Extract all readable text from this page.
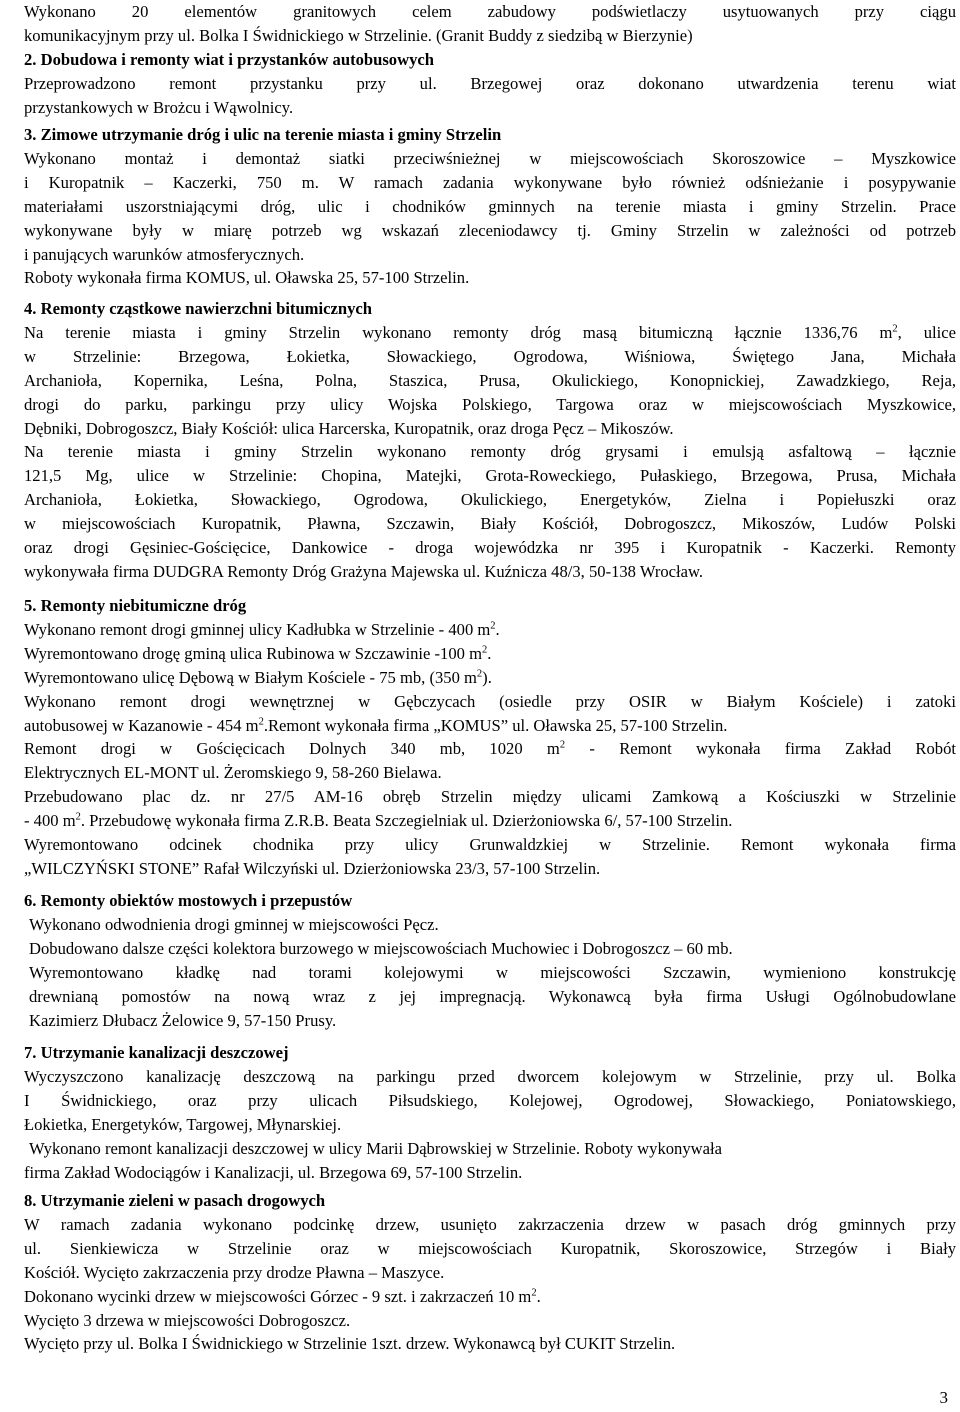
Wykonano 20 elementów granitowych celem zabudowy podświetlaczy usytuowanych przy ciągu
komunikacyjnym przy ul. Bolka I Świdnickiego w Strzelinie. (Granit Buddy z siedzibą w Bierzynie)
2. Dobudowa i remonty wiat i przystanków autobusowych
Przeprowadzono remont przystanku przy ul. Brzegowej oraz dokonano utwardzenia terenu wiat
przystankowych w Brożcu i Wąwolnicy.
3. Zimowe utrzymanie dróg i ulic na terenie miasta i gminy Strzelin
Wykonano montaż i demontaż siatki przeciwśnieżnej w miejscowościach Skoroszowice – Myszkowice
i Kuropatnik – Kaczerki, 750 m. W ramach zadania wykonywane było również odśnieżanie i posypywanie
materiałami uszorstniającymi dróg, ulic i chodników gminnych na terenie miasta i gminy Strzelin. Prace
wykonywane były w miarę potrzeb wg wskazań zleceniodawcy tj. Gminy Strzelin w zależności od potrzeb
i panujących warunków atmosferycznych.
Roboty wykonała firma KOMUS, ul. Oławska 25, 57-100 Strzelin.
4. Remonty cząstkowe nawierzchni bitumicznych
Na terenie miasta i gminy Strzelin wykonano remonty dróg masą bitumiczną łącznie 1336,76 $m^2$, ulice
w Strzelinie: Brzegowa, Łokietka, Słowackiego, Ogrodowa, Wiśniowa, Świętego Jana, Michała
Archanioła, Kopernika, Leśna, Polna, Staszica, Prusa, Okulickiego, Konopnickiej, Zawadzkiego, Reja,
drogi do parku, parkingu przy ulicy Wojska Polskiego, Targowa oraz w miejscowościach Myszkowice,
Dębniki, Dobrogoszcz, Biały Kościół: ulica Harcerska, Kuropatnik, oraz droga Pęcz – Mikoszów.
Na terenie miasta i gminy Strzelin wykonano remonty dróg grysami i emulsją asfaltową – łącznie
121,5 Mg, ulice w Strzelinie: Chopina, Matejki, Grota-Roweckiego, Pułaskiego, Brzegowa, Prusa, Michała
Archanioła, Łokietka, Słowackiego, Ogrodowa, Okulickiego, Energetyków, Zielna i Popiełuszki oraz
w miejscowościach Kuropatnik, Pławna, Szczawin, Biały Kościół, Dobrogoszcz, Mikoszów, Ludów Polski
oraz drogi Gęsiniec-Gościęcice, Dankowice - droga wojewódzka nr 395 i Kuropatnik - Kaczerki. Remonty
wykonywała firma DUDGRA Remonty Dróg Grażyna Majewska ul. Kuźnicza 48/3, 50-138 Wrocław.
5. Remonty niebitumiczne dróg
Wykonano remont drogi gminnej ulicy Kadłubka w Strzelinie - 400 $m^2$.
Wyremontowano drogę gminą ulica Rubinowa w Szczawinie -100 $m^2$.
Wyremontowano ulicę Dębową w Białym Kościele - 75 mb, (350 $m^2$).
Wykonano remont drogi wewnętrznej w Gębczycach (osiedle przy OSIR w Białym Kościele) i zatoki
autobusowej w Kazanowie - 454 $m^2.Remont$ wykonała firma „KOMUS” ul. Oławska 25, 57-100 Strzelin.
Remont drogi w Gościęcicach Dolnych 340 mb, 1020 $m^2$ - Remont wykonała firma Zakład Robót
Elektrycznych EL-MONT ul. Żeromskiego 9, 58-260 Bielawa.
Przebudowano plac dz. nr 27/5 AM-16 obręb Strzelin między ulicami Zamkową a Kościuszki w Strzelinie
- 400 $m^2$. Przebudowę wykonała firma Z.R.B. Beata Szczegielniak ul. Dzierżoniowska 6/, 57-100 Strzelin.
Wyremontowano odcinek chodnika przy ulicy Grunwaldzkiej w Strzelinie. Remont wykonała firma
„WILCZYŃSKI STONE” Rafał Wilczyński ul. Dzierżoniowska 23/3, 57-100 Strzelin.
6. Remonty obiektów mostowych i przepustów
Wykonano odwodnienia drogi gminnej w miejscowości Pęcz.
Dobudowano dalsze części kolektora burzowego w miejscowościach Muchowiec i Dobrogoszcz – 60 mb.
Wyremontowano kładkę nad torami kolejowymi w miejscowości Szczawin, wymieniono konstrukcję
drewnianą pomostów na nową wraz z jej impregnacją. Wykonawcą była firma Usługi Ogólnobudowlane
Kazimierz Dłubacz Żelowice 9, 57-150 Prusy.
7. Utrzymanie kanalizacji deszczowej
Wyczyszczono kanalizację deszczową na parkingu przed dworcem kolejowym w Strzelinie, przy ul. Bolka
I Świdnickiego, oraz przy ulicach Piłsudskiego, Kolejowej, Ogrodowej, Słowackiego, Poniatowskiego,
Łokietka, Energetyków, Targowej, Młynarskiej.
Wykonano remont kanalizacji deszczowej w ulicy Marii Dąbrowskiej w Strzelinie. Roboty wykonywała
firma Zakład Wodociągów i Kanalizacji, ul. Brzegowa 69, 57-100 Strzelin.
8. Utrzymanie zieleni w pasach drogowych
W ramach zadania wykonano podcinkę drzew, usunięto zakrzaczenia drzew w pasach dróg gminnych przy
ul. Sienkiewicza w Strzelinie oraz w miejscowościach Kuropatnik, Skoroszowice, Strzegów i Biały
Kościół. Wycięto zakrzaczenia przy drodze Pławna – Maszyce.
Dokonano wycinki drzew w miejscowości Górzec - 9 szt. i zakrzaczeń 10 $m^2$.
Wycięto 3 drzewa w miejscowości Dobrogoszcz.
Wycięto przy ul. Bolka I Świdnickiego w Strzelinie 1szt. drzew. Wykonawcą był CUKIT Strzelin.
3
